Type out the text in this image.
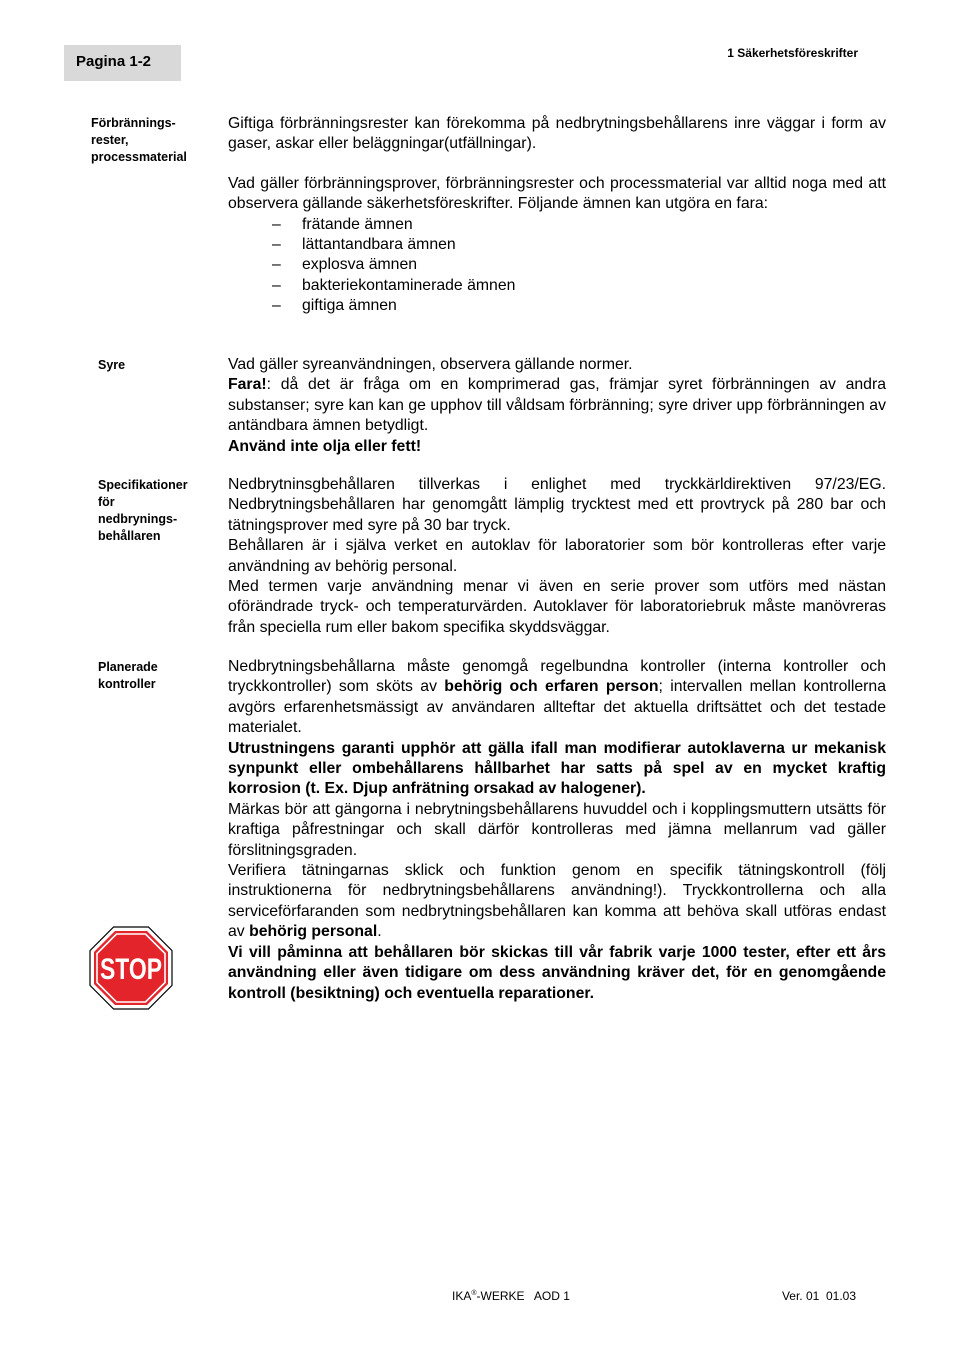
Pagina 1-2	1 Säkerhetsföreskrifter
Förbrännings-
rester,
processmaterial

Giftiga förbränningsrester kan förekomma på nedbrytningsbehållarens inre väggar i form av gaser, askar eller beläggningar(utfällningar).

Vad gäller förbränningsprover, förbränningsrester och processmaterial var alltid noga med att observera gällande säkerhetsföreskrifter. Följande ämnen kan utgöra en fara:

– frätande ämnen
– lättantandbara ämnen
– explosva ämnen
– bakteriekontaminerade ämnen
– giftiga ämnen
Syre	Vad gäller syreanvändningen, observera gällande normer.

Fara!: då det är fråga om en komprimerad gas, främjar syret förbränningen av andra substanser; syre kan kan ge upphov till våldsam förbränning; syre driver upp förbränningen av antändbara ämnen betydligt.

Använd inte olja eller fett!

Specifikationer
för
nedbrynings-
behållaren

Nedbrytninsgbehållaren tillverkas i enlighet med tryckkärldirektiven 97/23/EG. Nedbrytningsbehållaren har genomgått lämplig trycktest med ett provtryck på 280 bar och tätningsprover med syre på 30 bar tryck.

Behållaren är i själva verket en autoklav för laboratorier som bör kontrolleras efter varje användning av behörig personal.

Med termen varje användning menar vi även en serie prover som utförs med nästan oförändrade tryck- och temperaturvärden. Autoklaver för laboratoriebruk måste manövreras från speciella rum eller bakom specifika skyddsväggar.

Planerade
kontroller

Nedbrytningsbehållarna måste genomgå regelbundna kontroller (interna kontroller och tryckkontroller) som sköts av behörig och erfaren person; intervallen mellan kontrollerna avgörs erfarenhetsmässigt av användaren allteftar det aktuella driftsättet och det testade materialet.

Utrustningens garanti upphör att gälla ifall man modifierar autoklaverna ur mekanisk synpunkt eller ombehållarens hållbarhet har satts på spel av en mycket kraftig korrosion (t. Ex. Djup anfrätning orsakad av halogener).

Märkas bör att gängorna i nebrytningsbehållarens huvuddel och i kopplingsmuttern utsätts för kraftiga påfrestningar och skall därför kontrolleras med jämna mellanrum vad gäller förslitningsgraden.

Verifiera tätningarnas sklick och funktion genom en specifik tätningskontroll (följ instruktionerna för nedbrytningsbehållarens användning!). Tryckkontrollerna och alla serviceförfaranden som nedbrytningsbehållaren kan komma att behöva skall utföras endast av behörig personal.

Vi vill påminna att behållaren bör skickas till vår fabrik varje 1000 tester, efter ett års användning eller även tidigare om dess användning kräver det, för en genomgående kontroll (besiktning) och eventuella reparationer.

STOP
IKA®-WERKE   AOD 1	Ver. 01  01.03
